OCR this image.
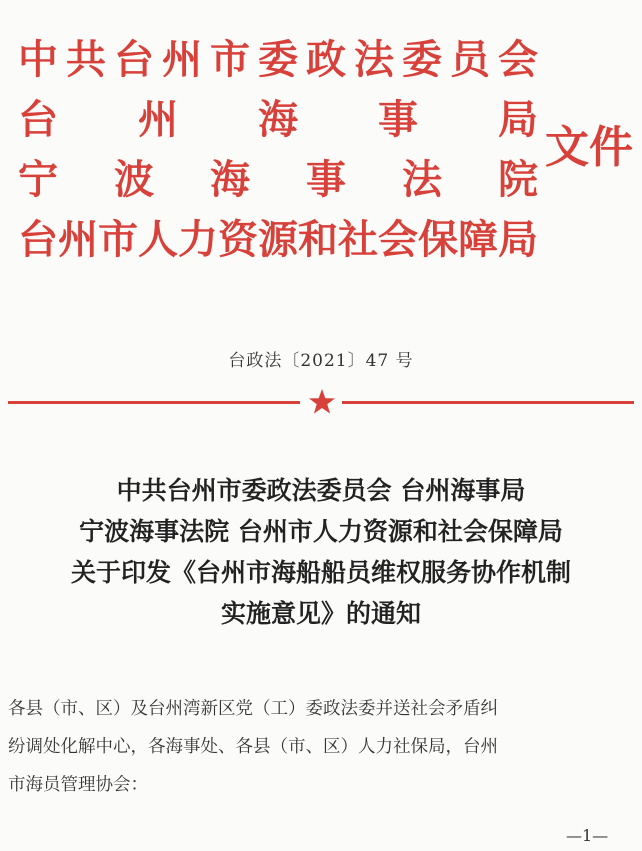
中共台州市委政法委员会
台 州 海 事 局
宁 波 海 事 法 院
台州市人力资源和社会保障局
文件
台政法〔2021〕47 号
中共台州市委政法委员会 台州海事局
宁波海事法院 台州市人力资源和社会保障局
关于印发《台州市海船船员维权服务协作机制
实施意见》的通知
各县（市、区）及台州湾新区党（工）委政法委并送社会矛盾纠
纷调处化解中心，各海事处、各县（市、区）人力社保局，台州
市海员管理协会：
—1—
